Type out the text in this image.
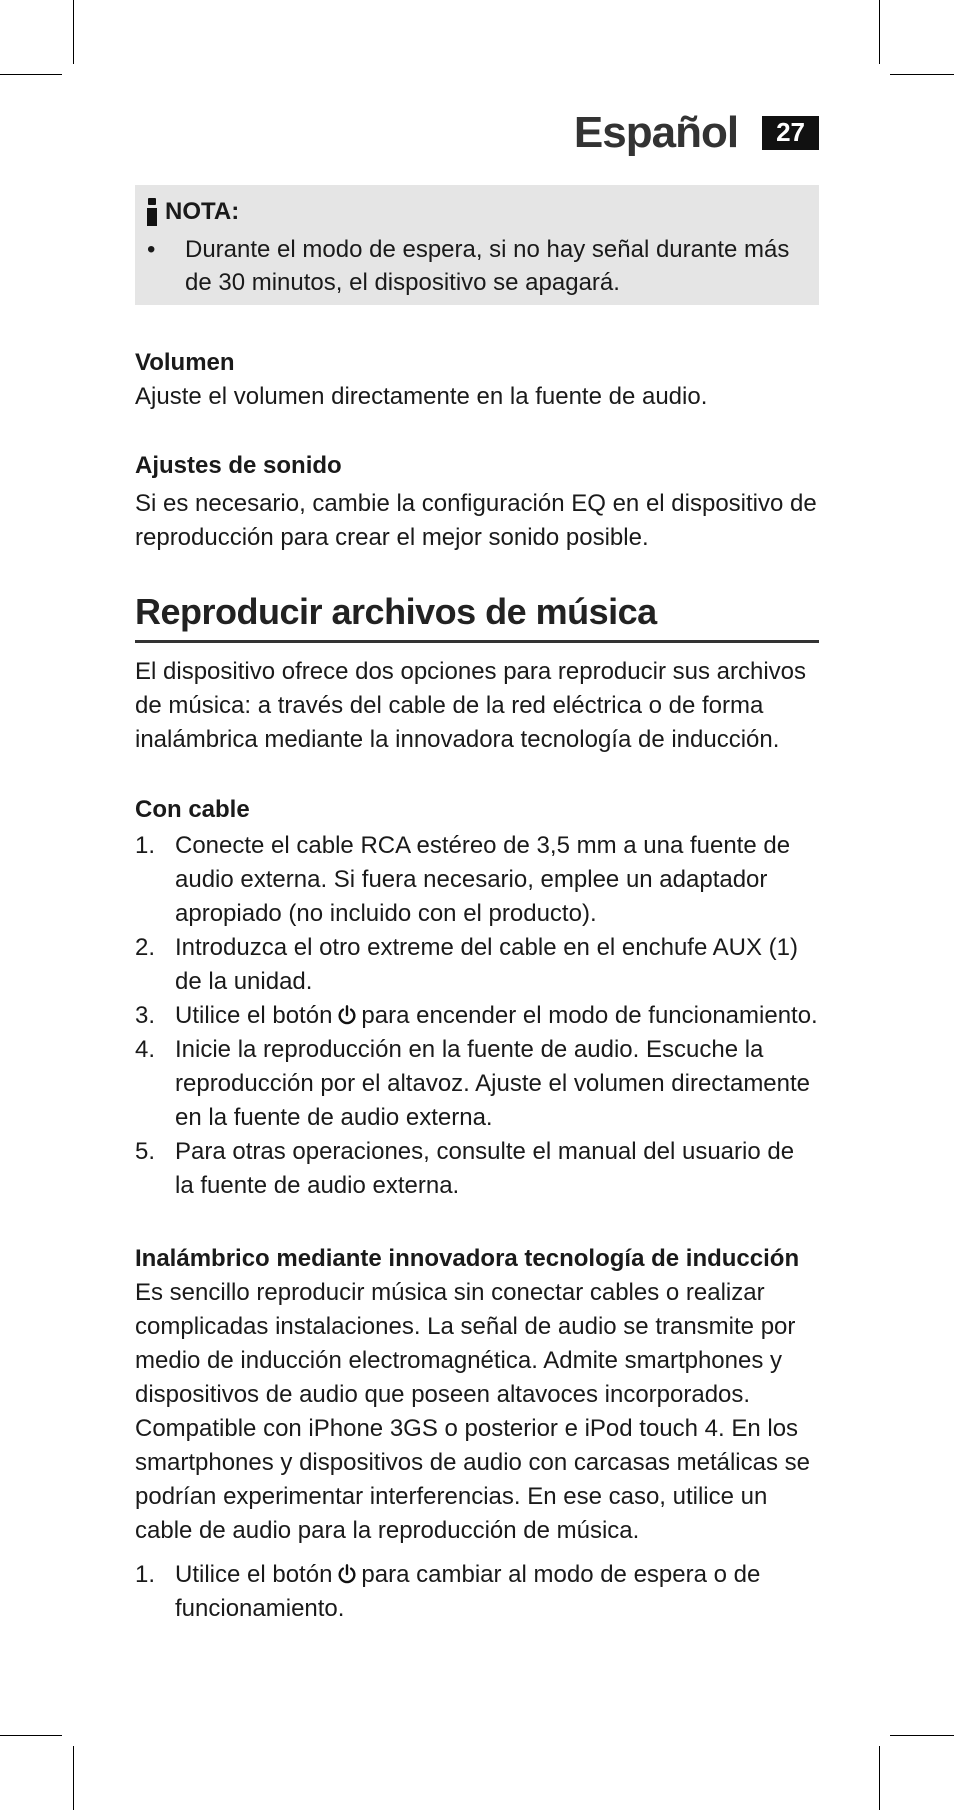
Español	27
NOTA:
•	Durante el modo de espera, si no hay señal durante más de 30 minutos, el dispositivo se apagará.
Volumen

Ajuste el volumen directamente en la fuente de audio.

Ajustes de sonido

Si es necesario, cambie la configuración EQ en el dispositivo de reproducción para crear el mejor sonido posible.

Reproducir archivos de música

El dispositivo ofrece dos opciones para reproducir sus archivos de música: a través del cable de la red eléctrica o de forma inalámbrica mediante la innovadora tecnología de inducción.

Con cable
1. Conecte el cable RCA estéreo de 3,5 mm a una fuente de audio externa. Si fuera necesario, emplee un adaptador apropiado (no incluido con el producto).
2. Introduzca el otro extreme del cable en el enchufe AUX (1) de la unidad.
3. Utilice el botón para encender el modo de funcionamiento.
4. Inicie la reproducción en la fuente de audio. Escuche la reproducción por el altavoz. Ajuste el volumen directamente en la fuente de audio externa.
5. Para otras operaciones, consulte el manual del usuario de la fuente de audio externa.
Inalámbrico mediante innovadora tecnología de inducción

Es sencillo reproducir música sin conectar cables o realizar complicadas instalaciones. La señal de audio se transmite por medio de inducción electromagnética. Admite smartphones y dispositivos de audio que poseen altavoces incorporados. Compatible con iPhone 3GS o posterior e iPod touch 4. En los smartphones y dispositivos de audio con carcasas metálicas se podrían experimentar interferencias. En ese caso, utilice un cable de audio para la reproducción de música.

1. Utilice el botón para cambiar al modo de espera o de funcionamiento.
